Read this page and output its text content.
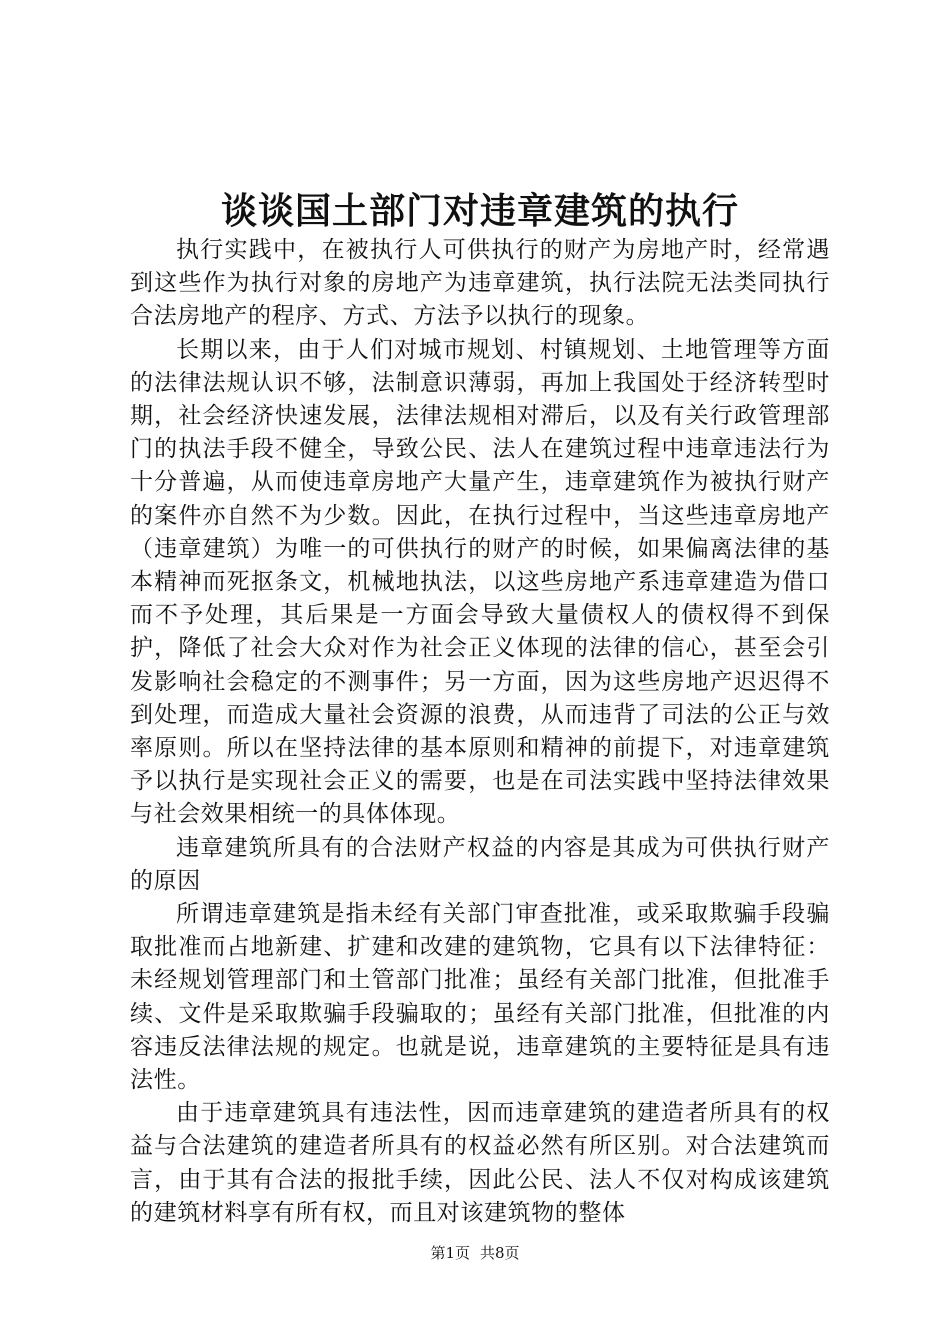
谈谈国土部门对违章建筑的执行

执行实践中，在被执行人可供执行的财产为房地产时，经常遇到这些作为执行对象的房地产为违章建筑，执行法院无法类同执行合法房地产的程序、方式、方法予以执行的现象。

长期以来，由于人们对城市规划、村镇规划、土地管理等方面的法律法规认识不够，法制意识薄弱，再加上我国处于经济转型时期，社会经济快速发展，法律法规相对滞后，以及有关行政管理部门的执法手段不健全，导致公民、法人在建筑过程中违章违法行为十分普遍，从而使违章房地产大量产生，违章建筑作为被执行财产的案件亦自然不为少数。因此，在执行过程中，当这些违章房地产（违章建筑）为唯一的可供执行的财产的时候，如果偏离法律的基本精神而死抠条文，机械地执法，以这些房地产系违章建造为借口而不予处理，其后果是一方面会导致大量债权人的债权得不到保护，降低了社会大众对作为社会正义体现的法律的信心，甚至会引发影响社会稳定的不测事件；另一方面，因为这些房地产迟迟得不到处理，而造成大量社会资源的浪费，从而违背了司法的公正与效率原则。所以在坚持法律的基本原则和精神的前提下，对违章建筑予以执行是实现社会正义的需要，也是在司法实践中坚持法律效果与社会效果相统一的具体体现。

违章建筑所具有的合法财产权益的内容是其成为可供执行财产的原因

所谓违章建筑是指未经有关部门审查批准，或采取欺骗手段骗取批准而占地新建、扩建和改建的建筑物，它具有以下法律特征：未经规划管理部门和土管部门批准；虽经有关部门批准，但批准手续、文件是采取欺骗手段骗取的；虽经有关部门批准，但批准的内容违反法律法规的规定。也就是说，违章建筑的主要特征是具有违法性。

由于违章建筑具有违法性，因而违章建筑的建造者所具有的权益与合法建筑的建造者所具有的权益必然有所区别。对合法建筑而言，由于其有合法的报批手续，因此公民、法人不仅对构成该建筑的建筑材料享有所有权，而且对该建筑物的整体

第1页 共8页
